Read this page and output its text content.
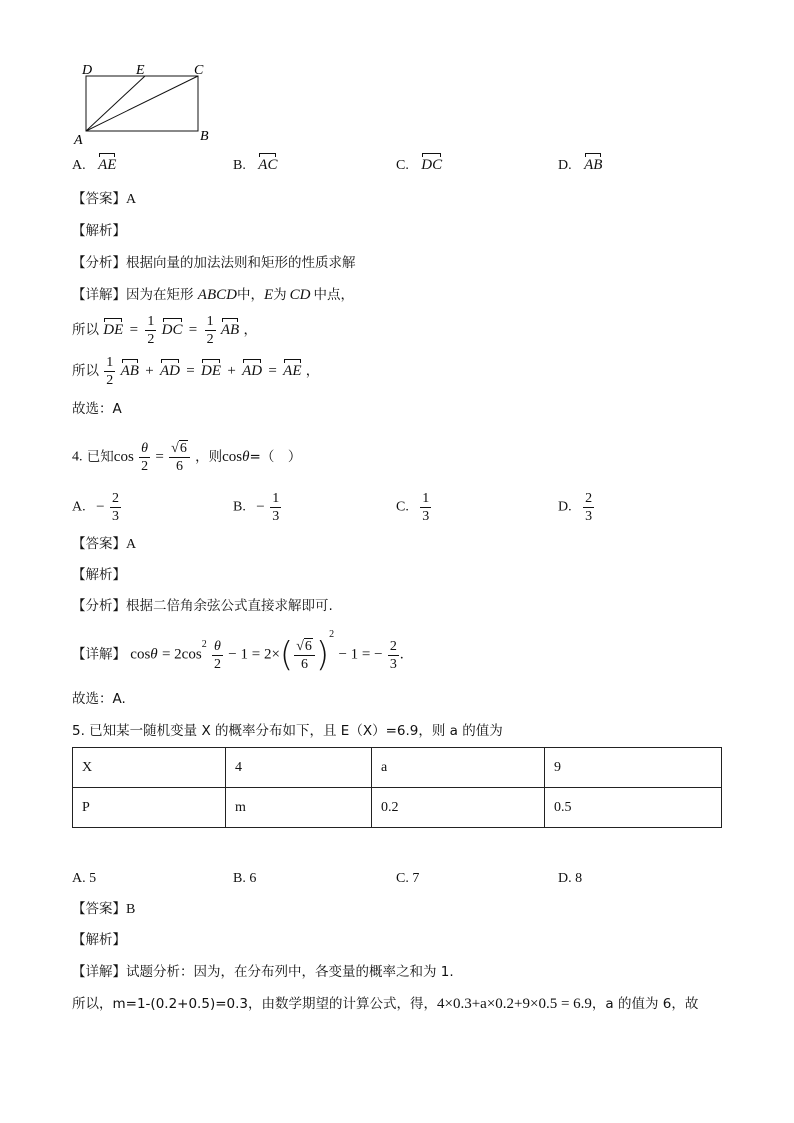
D	E	C
A	B
A. AE	B. AC	C. DC	D. AB
【答案】A
【解析】
【分析】根据向量的加法法则和矩形的性质求解
【详解】因为在矩形 ABCD中，E为 CD 中点，
所以 DE = $\frac{1}{2}$ DC = $\frac{1}{2}$ AB ，
所以 $\frac{1}{2}$ AB + AD = DE + AD = AE ，
故选：A
4. 已知$\cos \frac{\theta}{2} = \frac{√6}{6}$ ，则cosθ=（　）
A. − $\frac{2}{3}$	B. − $\frac{1}{3}$	C. $\frac{1}{3}$	D. $\frac{2}{3}$
【答案】A
【解析】
【分析】根据二倍角余弦公式直接求解即可.
【详解】 $\cos\theta = 2\cos^2 \frac{\theta}{2} - 1 = 2\times( \frac{√6}{6} )^2 - 1$ = − $\frac{2}{3}$ .
故选：A.
5. 已知某一随机变量 X 的概率分布如下，且 E（X）=6.9，则 a 的值为
X	4	a	9
P	m	0.2	0.5
A. 5	B. 6	C. 7	D. 8
【答案】B
【解析】
【详解】试题分析：因为，在分布列中，各变量的概率之和为 1.
所以，m=1-(0.2+0.5)=0.3，由数学期望的计算公式，得，4×0.3+a×0.2+9×0.5 = 6.9，a 的值为 6，故
